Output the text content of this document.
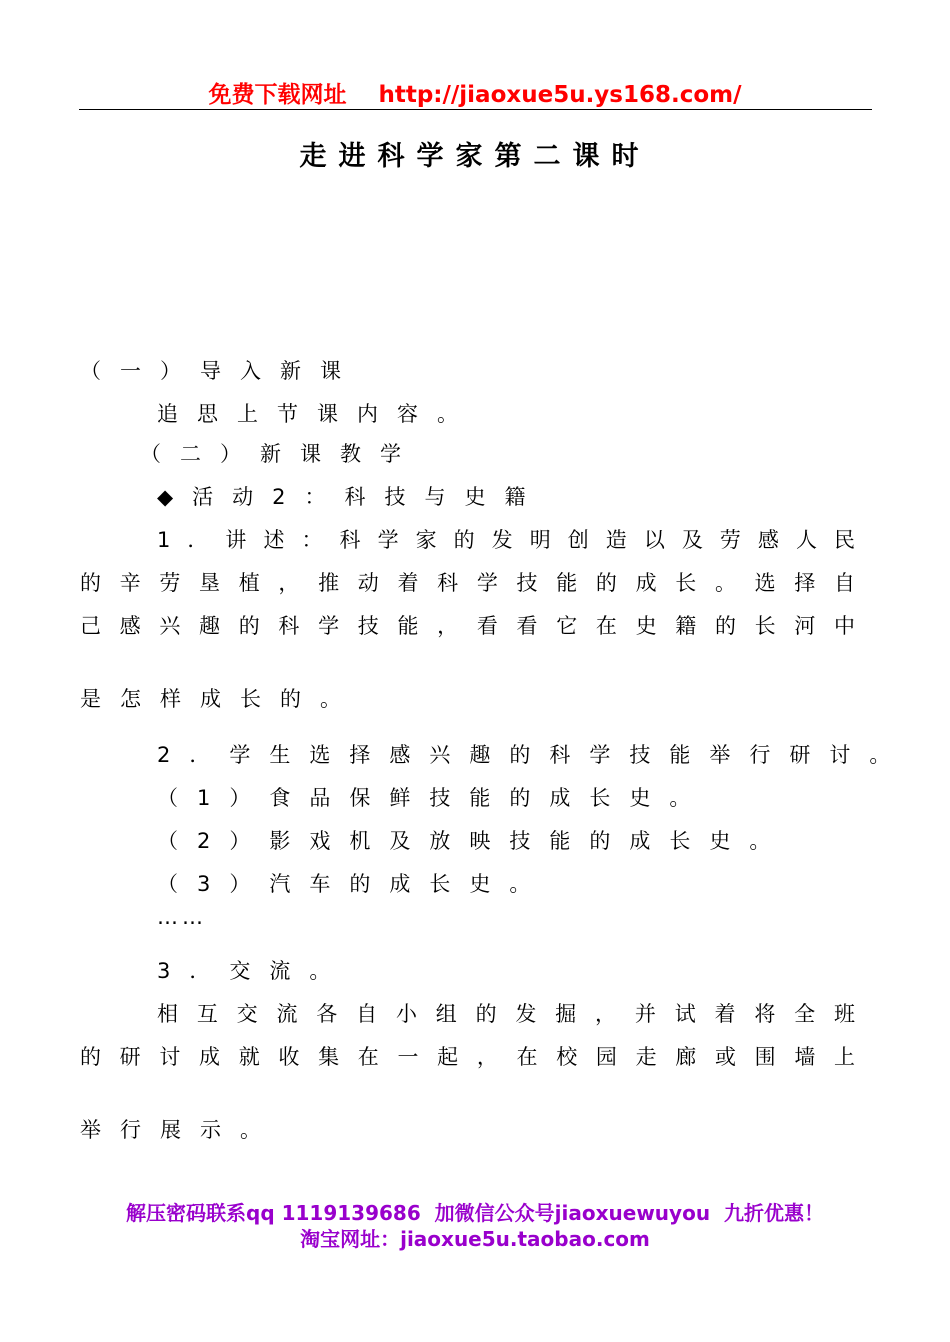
免费下载网址    http://jiaoxue5u.ys168.com/
走进科学家第二课时
（一）导入新课
追思上节课内容。
（二）新课教学
◆活动2：科技与史籍
1．讲述：科学家的发明创造以及劳感人民
的辛劳垦植，推动着科学技能的成长。选择自
己感兴趣的科学技能，看看它在史籍的长河中
是怎样成长的。
2．学生选择感兴趣的科学技能举行研讨。
（1）食品保鲜技能的成长史。
（2）影戏机及放映技能的成长史。
（3）汽车的成长史。
……
3．交流。
相互交流各自小组的发掘，并试着将全班
的研讨成就收集在一起，在校园走廊或围墙上
举行展示。
解压密码联系qq 1119139686  加微信公众号jiaoxuewuyou  九折优惠！
淘宝网址：jiaoxue5u.taobao.com
